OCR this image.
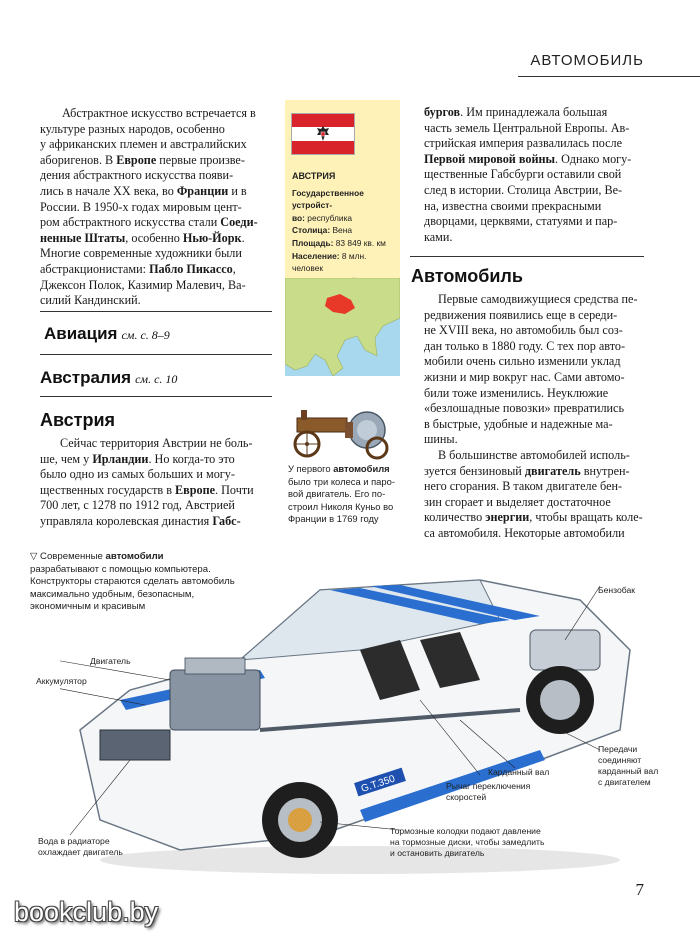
АВТОМОБИЛЬ

Абстрактное искусство встречается в

культуре разных народов, особенно

у африканских племен и австралийских

аборигенов. В Европе первые произве-

дения абстрактного искусства появи-

лись в начале XX века, во Франции и в

России. В 1950-х годах мировым цент-

ром абстрактного искусства стали Соеди-

ненные Штаты, особенно Нью-Йорк.

Многие современные художники были

абстракционистами: Пабло Пикассо,

Джексон Полок, Казимир Малевич, Ва-

силий Кандинский.

Авиация см. с. 8–9
Австралия см. с. 10
Австрия

Сейчас территория Австрии не боль-

ше, чем у Ирландии. Но когда-то это

было одно из самых больших и могу-

щественных государств в Европе. Почти

700 лет, с 1278 по 1912 год, Австрией

управляла королевская династия Габс-

АВСТРИЯ
Государственное устройст-
во: республика
Столица: Вена
Площадь: 83 849 кв. км
Население: 8 млн. человек
У первого автомобиля
было три колеса и паро-
вой двигатель. Его по-
строил Николя Куньо во
Франции в 1769 году

бургов. Им принадлежала большая

часть земель Центральной Европы. Ав-

стрийская империя развалилась после

Первой мировой войны. Однако могу-

щественные Габсбурги оставили свой

след в истории. Столица Австрии, Ве-

на, известна своими прекрасными

дворцами, церквями, статуями и пар-

ками.

Автомобиль

Первые самодвижущиеся средства пе-

редвижения появились еще в середи-

не XVIII века, но автомобиль был соз-

дан только в 1880 году. С тех пор авто-

мобили очень сильно изменили уклад

жизни и мир вокруг нас. Сами автомо-

били тоже изменились. Неуклюжие

«безлошадные повозки» превратились

в быстрые, удобные и надежные ма-

шины.

В большинстве автомобилей исполь-

зуется бензиновый двигатель внутрен-

него сгорания. В таком двигателе бен-

зин сгорает и выделяет достаточное

количество энергии, чтобы вращать коле-

са автомобиля. Некоторые автомобили

G.T.350
▽ Современные автомобили
разрабатывают с помощью компьютера.
Конструкторы стараются сделать автомобиль
максимально удобным, безопасным,
экономичным и красивым
Двигатель
Аккумулятор
Бензобак
Вода в радиаторе
охлаждает двигатель
Карданный вал
Рычаг переключения
скоростей
Передачи
соединяют
карданный вал
с двигателем
Тормозные колодки подают давление
на тормозные диски, чтобы замедлить
и остановить двигатель
7
bookclub.by
